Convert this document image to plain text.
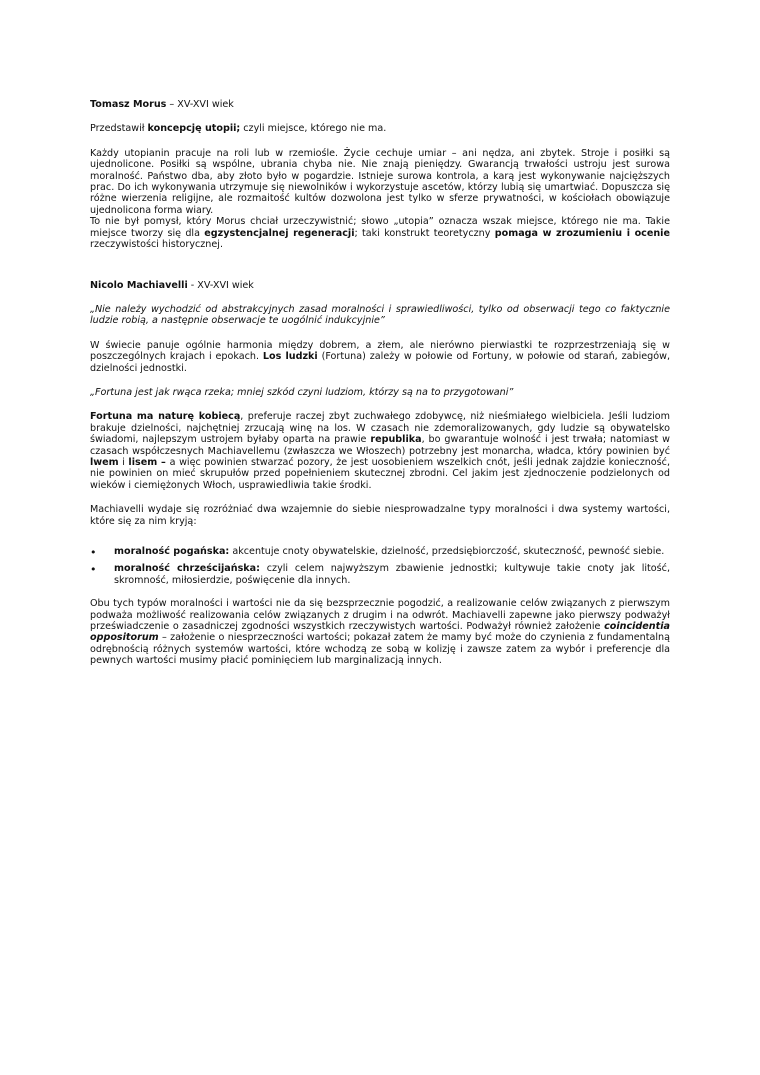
Tomasz Morus – XV-XVI wiek

Przedstawił koncepcję utopii; czyli miejsce, którego nie ma.

Każdy utopianin pracuje na roli lub w rzemiośle. Życie cechuje umiar – ani nędza, ani zbytek. Stroje i posiłki są ujednolicone. Posiłki są wspólne, ubrania chyba nie. Nie znają pieniędzy. Gwarancją trwałości ustroju jest surowa moralność. Państwo dba, aby złoto było w pogardzie. Istnieje surowa kontrola, a karą jest wykonywanie najcięższych prac. Do ich wykonywania utrzymuje się niewolników i wykorzystuje ascetów, którzy lubią się umartwiać. Dopuszcza się różne wierzenia religijne, ale rozmaitość kultów dozwolona jest tylko w sferze prywatności, w kościołach obowiązuje ujednolicona forma wiary.

To nie był pomysł, który Morus chciał urzeczywistnić; słowo „utopia” oznacza wszak miejsce, którego nie ma. Takie miejsce tworzy się dla egzystencjalnej regeneracji; taki konstrukt teoretyczny pomaga w zrozumieniu i ocenie rzeczywistości historycznej.

Nicolo Machiavelli - XV-XVI wiek

„Nie należy wychodzić od abstrakcyjnych zasad moralności i sprawiedliwości, tylko od obserwacji tego co faktycznie ludzie robią, a następnie obserwacje te uogólnić indukcyjnie”

W świecie panuje ogólnie harmonia między dobrem, a złem, ale nierówno pierwiastki te rozprzestrzeniają się w poszczególnych krajach i epokach. Los ludzki (Fortuna) zależy w połowie od Fortuny, w połowie od starań, zabiegów, dzielności jednostki.

„Fortuna jest jak rwąca rzeka; mniej szkód czyni ludziom, którzy są na to przygotowani”

Fortuna ma naturę kobiecą, preferuje raczej zbyt zuchwałego zdobywcę, niż nieśmiałego wielbiciela. Jeśli ludziom brakuje dzielności, najchętniej zrzucają winę na los. W czasach nie zdemoralizowanych, gdy ludzie są obywatelsko świadomi, najlepszym ustrojem byłaby oparta na prawie republika, bo gwarantuje wolność i jest trwała; natomiast w czasach współczesnych Machiavellemu (zwłaszcza we Włoszech) potrzebny jest monarcha, władca, który powinien być lwem i lisem – a więc powinien stwarzać pozory, że jest uosobieniem wszelkich cnót, jeśli jednak zajdzie konieczność, nie powinien on mieć skrupułów przed popełnieniem skutecznej zbrodni. Cel jakim jest zjednoczenie podzielonych od wieków i ciemiężonych Włoch, usprawiedliwia takie środki.

Machiavelli wydaje się rozróżniać dwa wzajemnie do siebie niesprowadzalne typy moralności i dwa systemy wartości, które się za nim kryją:

• moralność pogańska: akcentuje cnoty obywatelskie, dzielność, przedsiębiorczość, skuteczność, pewność siebie.
• moralność chrześcijańska: czyli celem najwyższym zbawienie jednostki; kultywuje takie cnoty jak litość, skromność, miłosierdzie, poświęcenie dla innych.

Obu tych typów moralności i wartości nie da się bezsprzecznie pogodzić, a realizowanie celów związanych z pierwszym podważa możliwość realizowania celów związanych z drugim i na odwrót. Machiavelli zapewne jako pierwszy podważył przeświadczenie o zasadniczej zgodności wszystkich rzeczywistych wartości. Podważył również założenie coincidentia oppositorum – założenie o niesprzeczności wartości; pokazał zatem że mamy być może do czynienia z fundamentalną odrębnością różnych systemów wartości, które wchodzą ze sobą w kolizję i zawsze zatem za wybór i preferencje dla pewnych wartości musimy płacić pominięciem lub marginalizacją innych.
